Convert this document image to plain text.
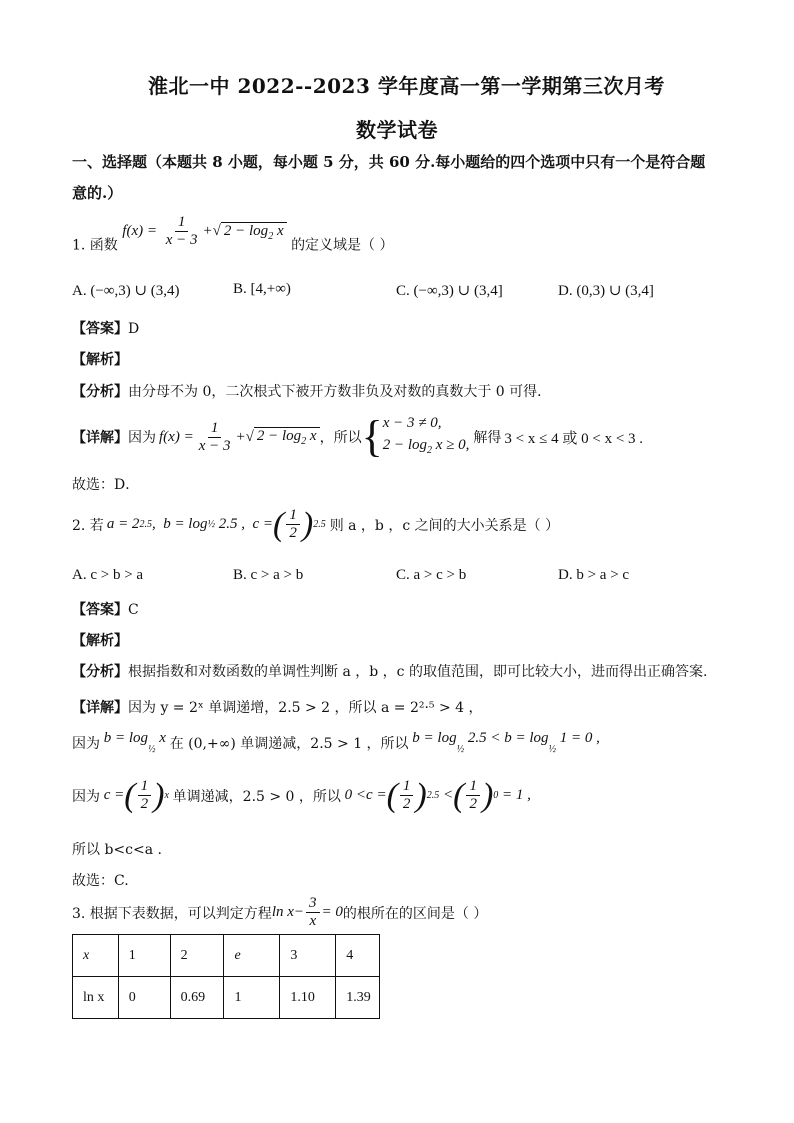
淮北一中 2022--2023 学年度高一第一学期第三次月考
数学试卷
一、选择题（本题共 8 小题，每小题 5 分，共 60 分.每小题给的四个选项中只有一个是符合题
意的.）
1. 函数 $f(x) = \frac{1}{x - 3}$ +√ $2 - \log_2 x$ 的定义域是（ ）
A. (−∞,3) ∪ (3,4)	B. [4,+∞)	C. (−∞,3) ∪ (3,4]	D. (0,3) ∪ (3,4]
【答案】D
【解析】
【分析】由分母不为 0，二次根式下被开方数非负及对数的真数大于 0 可得．
【详解】 因为 f ( x ) = $\frac{1}{x - 3}$ + √ $2 - \log_2 x$ ，所以 { x − 3 ≠ 0,
$2 - \log_2 x \ge 0$, 解得 3 < x ≤ 4 或 0 < x < 3 .
故选：D．
2. 若 a = 2 2.5 , b = log ½ 2.5 , c = ( $\frac{1}{2}$ ) 2.5 则 a ，b ，c 之间的大小关系是（ ）
A. c > b > a	B. c > a > b	C. a > c > b	D. b > a > c
【答案】C
【解析】
【分析】根据指数和对数函数的单调性判断 a ，b ，c 的取值范围，即可比较大小，进而得出正确答案.
【详解】因为 y = 2ˣ 单调递增，2.5 > 2 ，所以 a = 2²·⁵ > 4 ，
因为 $b = \log_{\frac{1}{2}} x$ 在 (0,+∞) 单调递减，2.5 > 1 ，所以 $b = \log_{\frac{1}{2}} 2.5 < b = \log_{\frac{1}{2}} 1 = 0$ ,
因为 c = ( $\frac{1}{2}$ ) x
单调递减，2.5 > 0 ，所以
0 < c = ( $\frac{1}{2}$ ) 2.5 < ( $\frac{1}{2}$ ) 0 = 1 ,
所以 b<c<a .
故选：C.
3. 根据下表数据，可以判定方程 $\ln x - \frac{3}{x} = 0$ 的根所在的区间是（ ）
x	1	2	e	3	4
ln x	0	0.69	1	1.10	1.39
